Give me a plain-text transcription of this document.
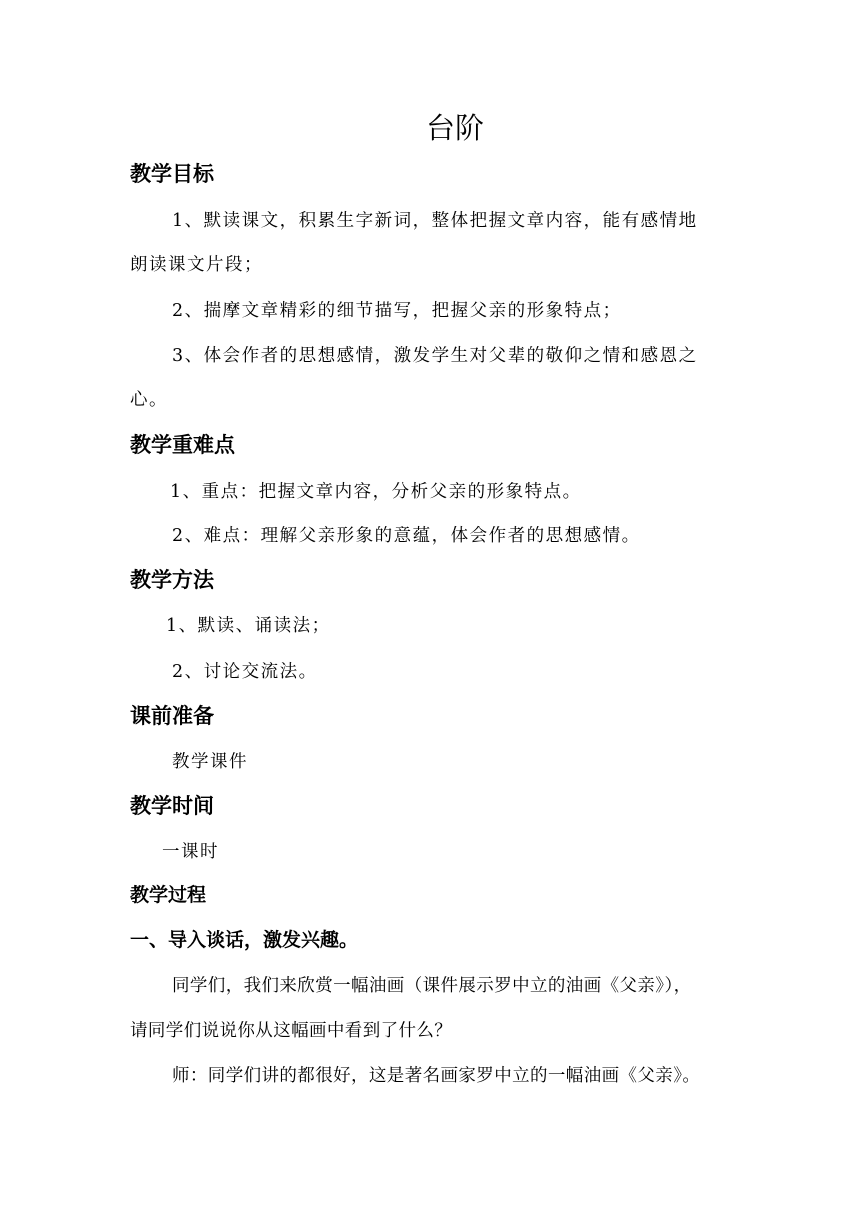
台阶
教学目标
1、默读课文，积累生字新词，整体把握文章内容，能有感情地
朗读课文片段；
2、揣摩文章精彩的细节描写，把握父亲的形象特点；
3、体会作者的思想感情，激发学生对父辈的敬仰之情和感恩之
心。
教学重难点
1、重点：把握文章内容，分析父亲的形象特点。
2、难点：理解父亲形象的意蕴，体会作者的思想感情。
教学方法
1、默读、诵读法；
2、讨论交流法。
课前准备
教学课件
教学时间
一课时
教学过程
一、导入谈话，激发兴趣。
同学们，我们来欣赏一幅油画（课件展示罗中立的油画《父亲》），
请同学们说说你从这幅画中看到了什么？
师：同学们讲的都很好，这是著名画家罗中立的一幅油画《父亲》。
